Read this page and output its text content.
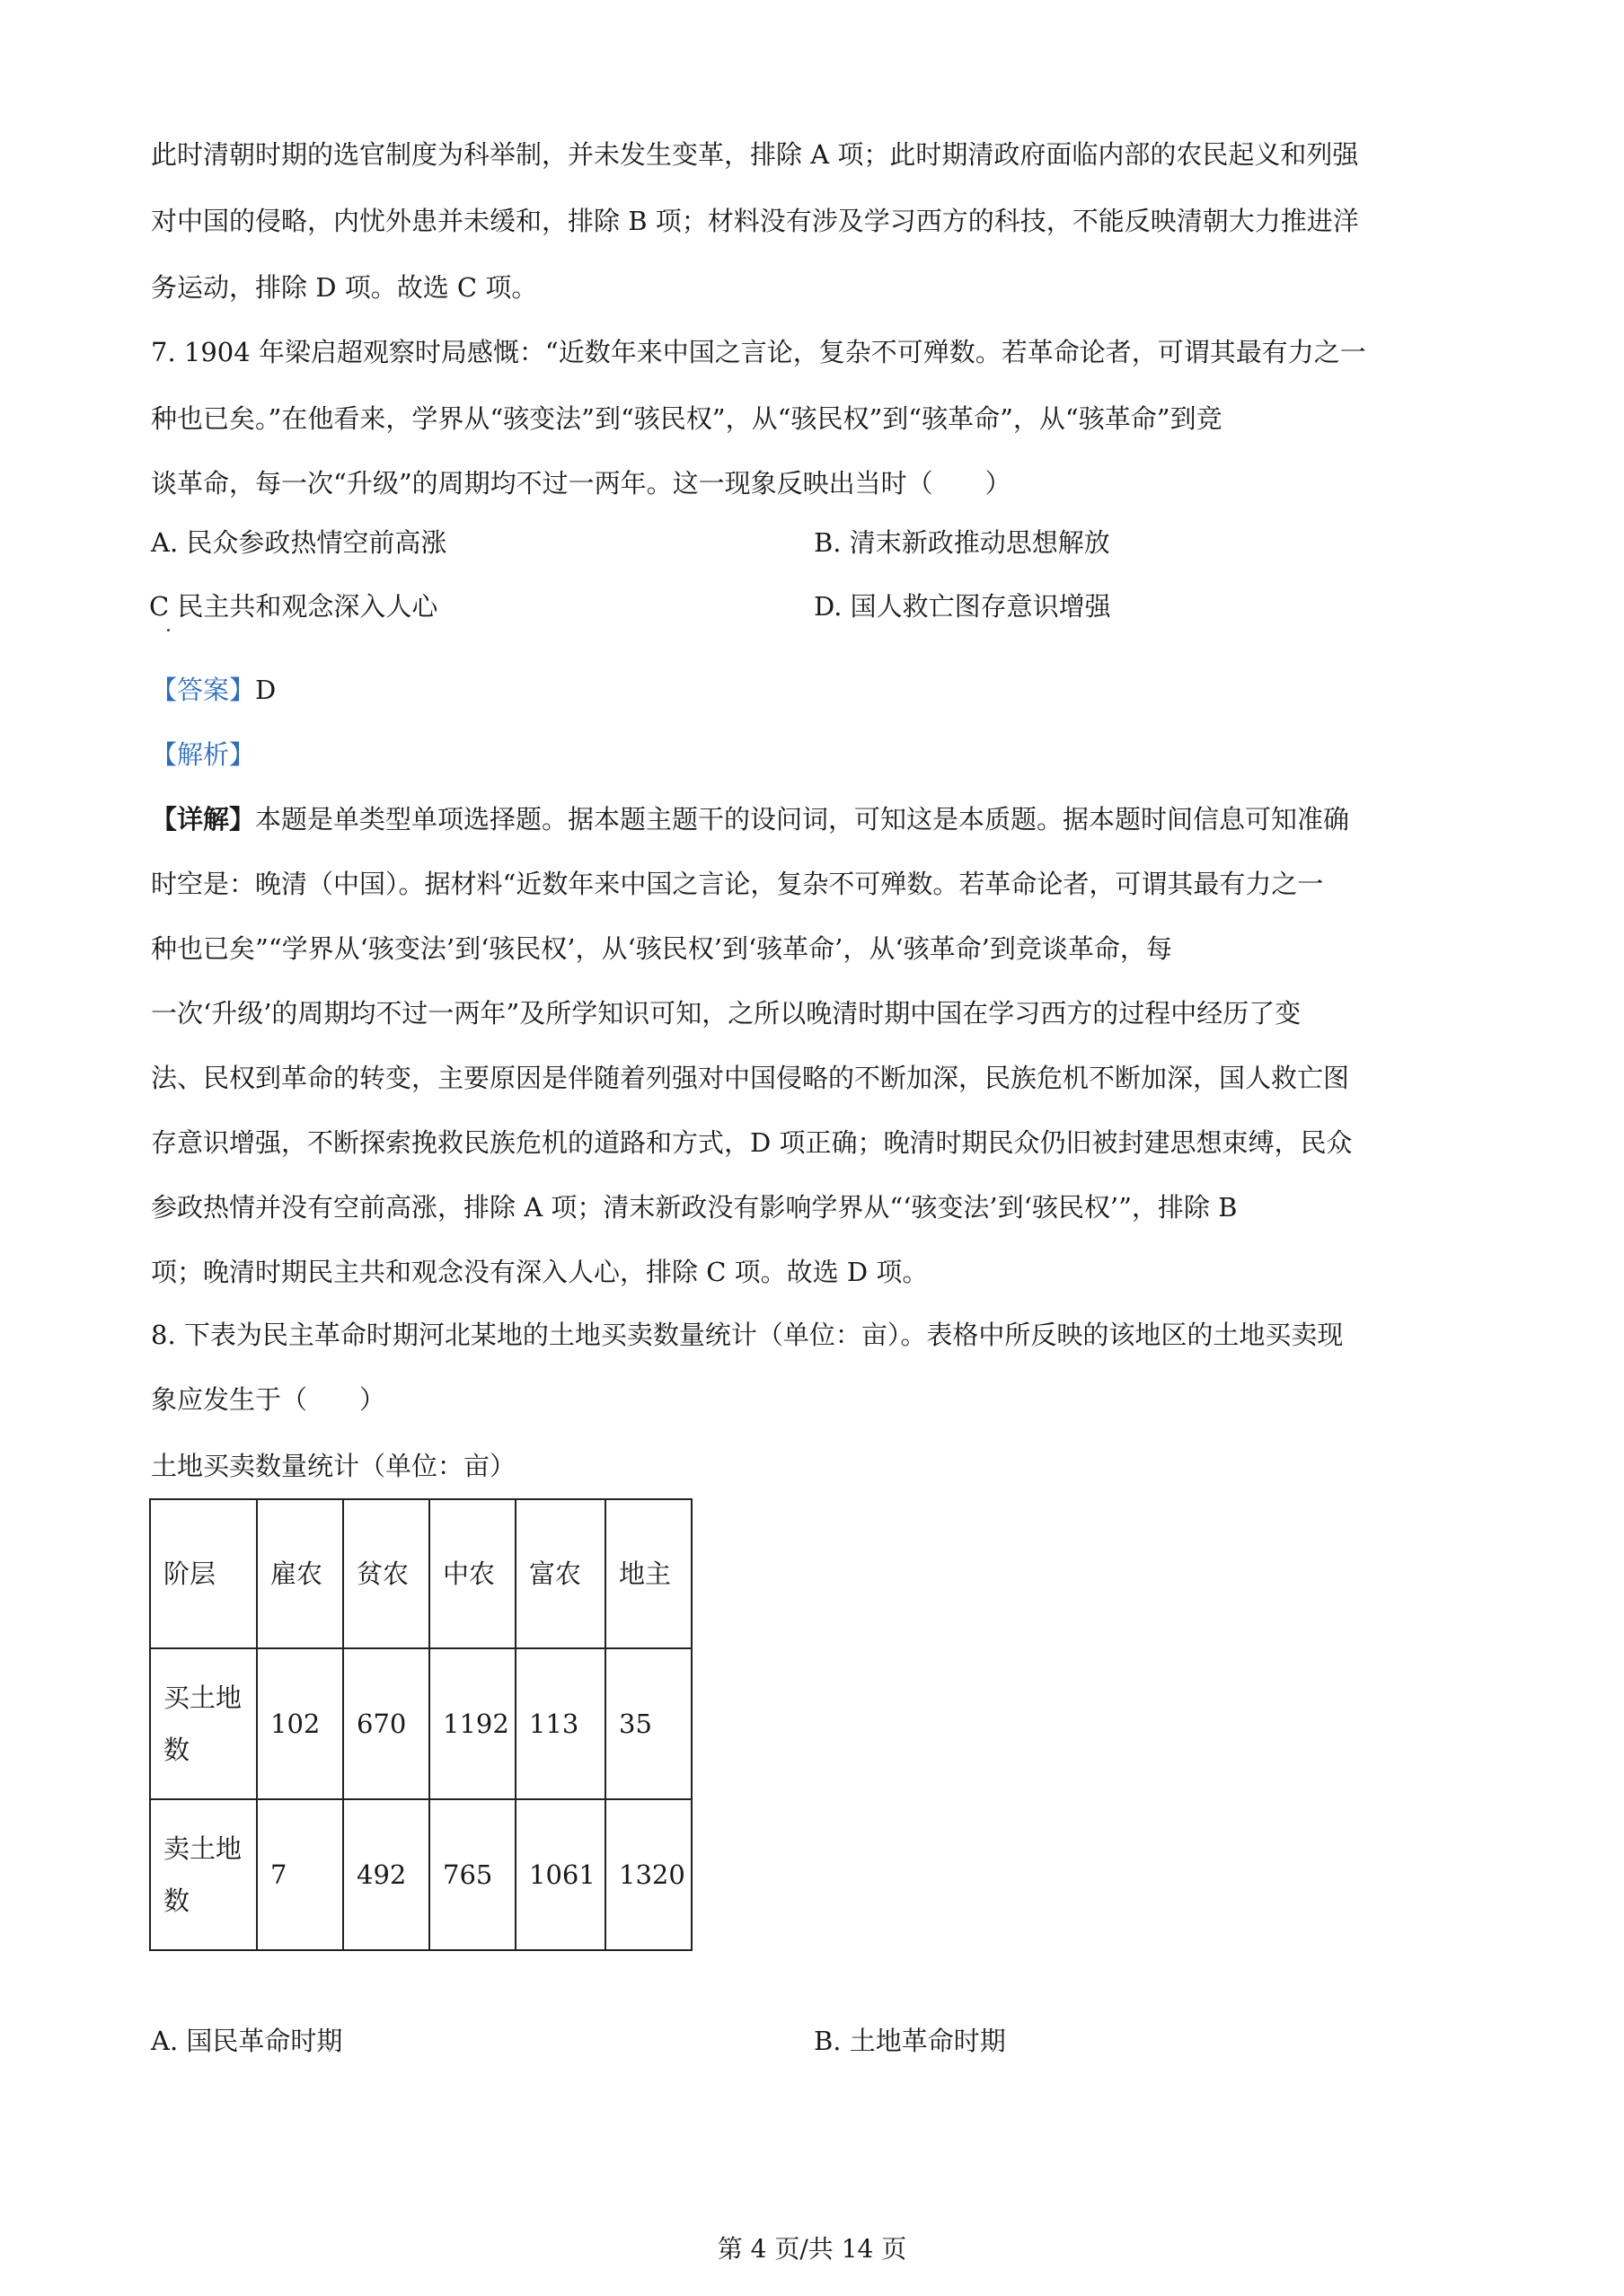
此时清朝时期的选官制度为科举制，并未发生变革，排除 A 项；此时期清政府面临内部的农民起义和列强
对中国的侵略，内忧外患并未缓和，排除 B 项；材料没有涉及学习西方的科技，不能反映清朝大力推进洋
务运动，排除 D 项。故选 C 项。
7. 1904 年梁启超观察时局感慨：“近数年来中国之言论，复杂不可殚数。若革命论者，可谓其最有力之一
种也已矣。”在他看来，学界从“骇变法”到“骇民权”，从“骇民权”到“骇革命”，从“骇革命”到竞
谈革命，每一次“升级”的周期均不过一两年。这一现象反映出当时（　　）
A. 民众参政热情空前高涨	B. 清末新政推动思想解放
C 民主共和观念深入人心	D. 国人救亡图存意识增强
【答案】D
【解析】
【详解】本题是单类型单项选择题。据本题主题干的设问词，可知这是本质题。据本题时间信息可知准确
时空是：晚清（中国）。据材料“近数年来中国之言论，复杂不可殚数。若革命论者，可谓其最有力之一
种也已矣”“学界从‘骇变法’到‘骇民权’，从‘骇民权’到‘骇革命’，从‘骇革命’到竞谈革命，每
一次‘升级’的周期均不过一两年”及所学知识可知，之所以晚清时期中国在学习西方的过程中经历了变
法、民权到革命的转变，主要原因是伴随着列强对中国侵略的不断加深，民族危机不断加深，国人救亡图
存意识增强，不断探索挽救民族危机的道路和方式，D 项正确；晚清时期民众仍旧被封建思想束缚，民众
参政热情并没有空前高涨，排除 A 项；清末新政没有影响学界从“‘骇变法’到‘骇民权’”，排除 B
项；晚清时期民主共和观念没有深入人心，排除 C 项。故选 D 项。
8. 下表为民主革命时期河北某地的土地买卖数量统计（单位：亩）。表格中所反映的该地区的土地买卖现
象应发生于（　　）
土地买卖数量统计（单位：亩）
阶层	雇农	贫农	中农	富农	地主
买土地数	102	670	1192	113	35
卖土地数	7	492	765	1061	1320
A. 国民革命时期	B. 土地革命时期
第 4 页/共 14 页
